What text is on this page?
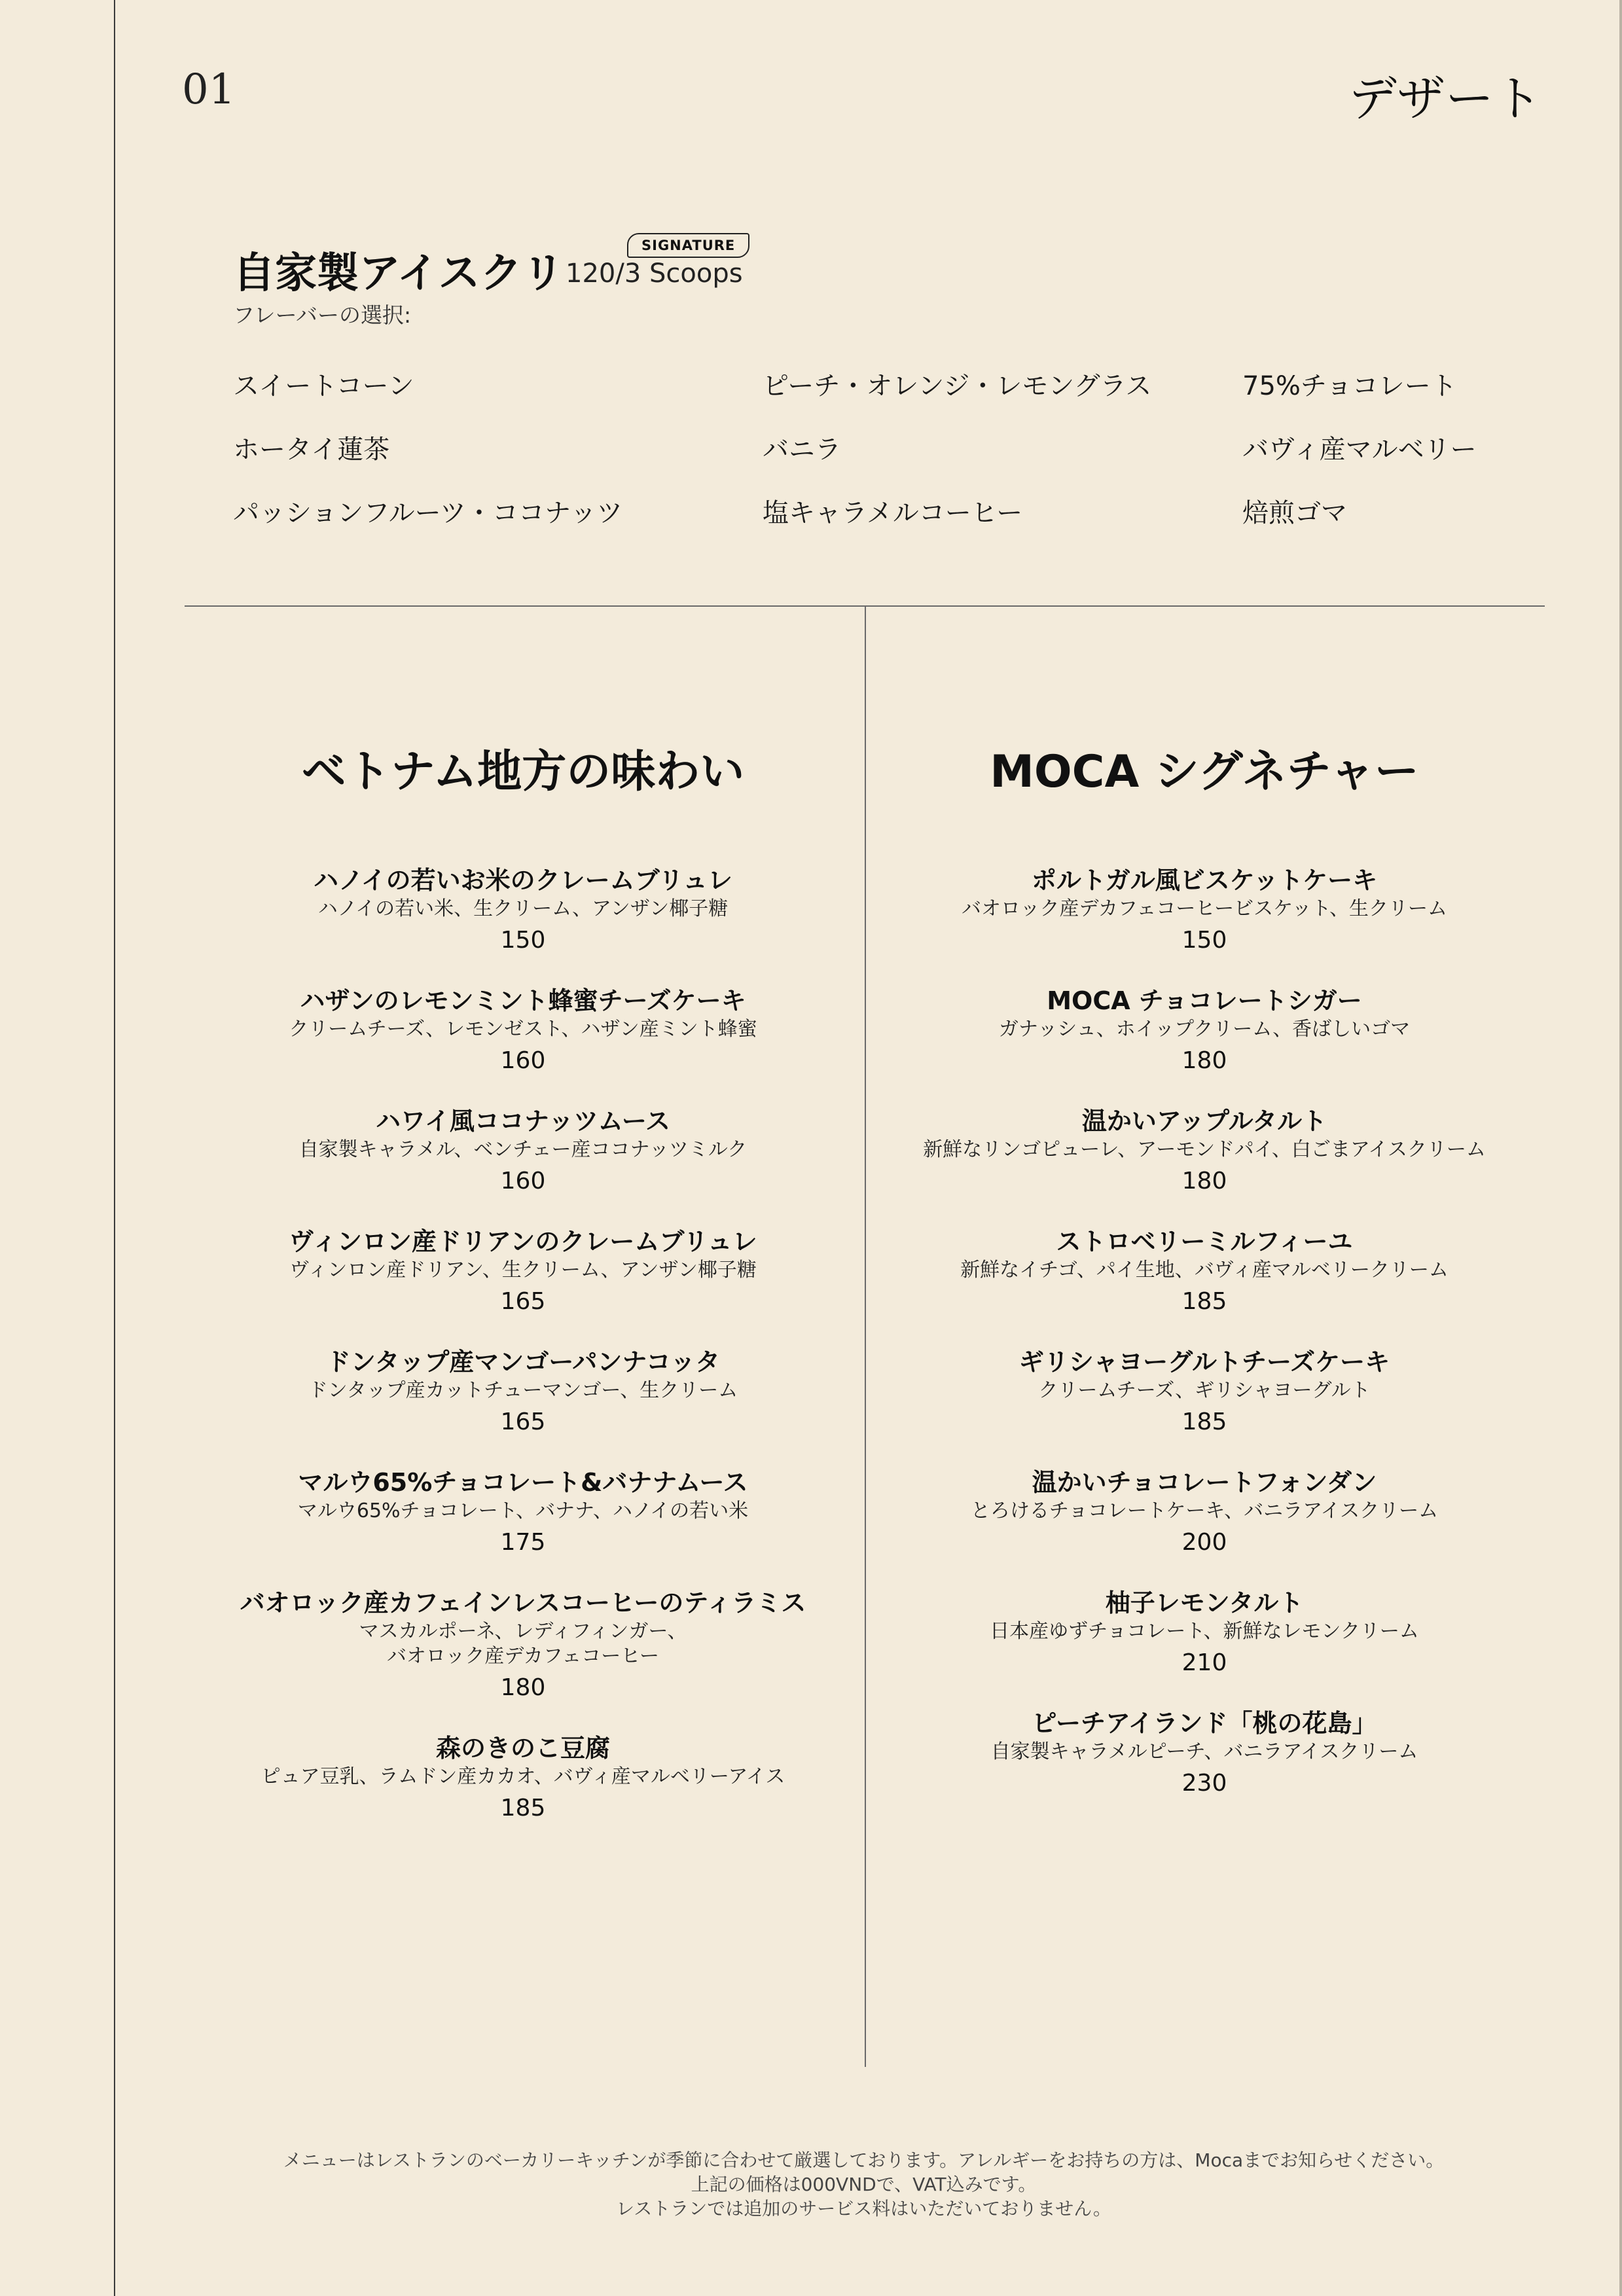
01	デザート
自家製アイスクリ 120/3 Scoops
SIGNATURE
フレーバーの選択:
スイートコーン
ホータイ蓮茶
パッションフルーツ・ココナッツ
ピーチ・オレンジ・レモングラス
バニラ
塩キャラメルコーヒー
75%チョコレート
バヴィ産マルベリー
焙煎ゴマ
ベトナム地方の味わい
ハノイの若いお米のクレームブリュレ
ハノイの若い米、生クリーム、アンザン椰子糖
150
ハザンのレモンミント蜂蜜チーズケーキ
クリームチーズ、レモンゼスト、ハザン産ミント蜂蜜
160
ハワイ風ココナッツムース
自家製キャラメル、ベンチェー産ココナッツミルク
160
ヴィンロン産ドリアンのクレームブリュレ
ヴィンロン産ドリアン、生クリーム、アンザン椰子糖
165
ドンタップ産マンゴーパンナコッタ
ドンタップ産カットチューマンゴー、生クリーム
165
マルウ65%チョコレート&バナナムース
マルウ65%チョコレート、バナナ、ハノイの若い米
175
バオロック産カフェインレスコーヒーのティラミス
マスカルポーネ、レディフィンガー、
バオロック産デカフェコーヒー
180
森のきのこ豆腐
ピュア豆乳、ラムドン産カカオ、バヴィ産マルベリーアイス
185
MOCA シグネチャー
ポルトガル風ビスケットケーキ
バオロック産デカフェコーヒービスケット、生クリーム
150
MOCA チョコレートシガー
ガナッシュ、ホイップクリーム、香ばしいゴマ
180
温かいアップルタルト
新鮮なリンゴピューレ、アーモンドパイ、白ごまアイスクリーム
180
ストロベリーミルフィーユ
新鮮なイチゴ、パイ生地、バヴィ産マルベリークリーム
185
ギリシャヨーグルトチーズケーキ
クリームチーズ、ギリシャヨーグルト
185
温かいチョコレートフォンダン
とろけるチョコレートケーキ、バニラアイスクリーム
200
柚子レモンタルト
日本産ゆずチョコレート、新鮮なレモンクリーム
210
ピーチアイランド「桃の花島」
自家製キャラメルピーチ、バニラアイスクリーム
230
メニューはレストランのベーカリーキッチンが季節に合わせて厳選しております。アレルギーをお持ちの方は、Mocaまでお知らせください。
上記の価格は000VNDで、VAT込みです。
レストランでは追加のサービス料はいただいておりません。
